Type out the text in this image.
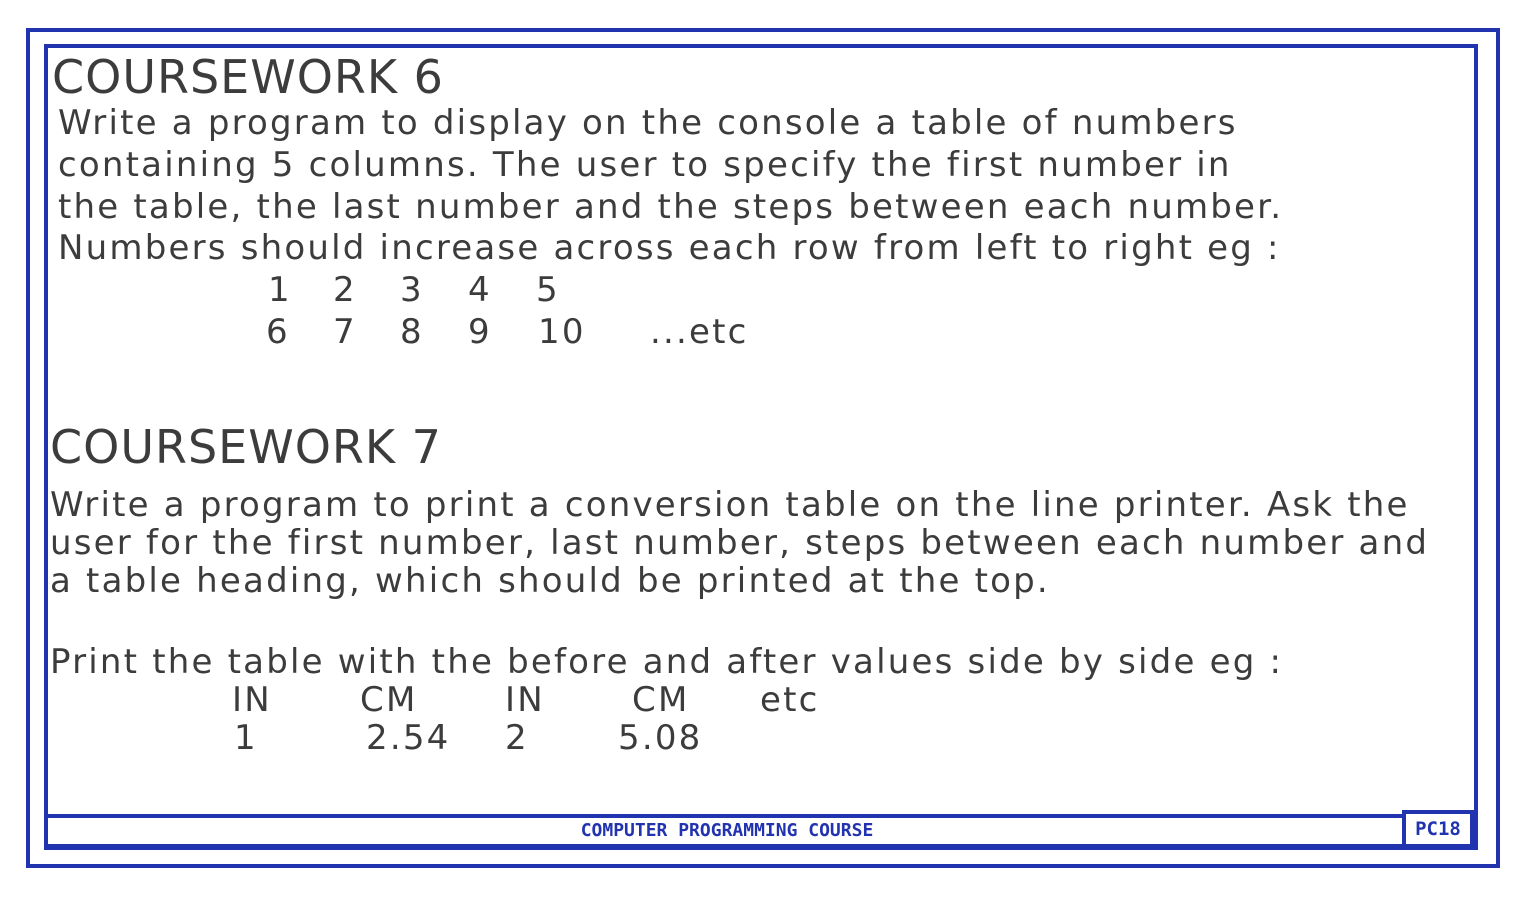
COURSEWORK 6
Write a program to display on the console a table of numbers
containing 5 columns. The user to specify the first number in
the table, the last number and the steps between each number.
Numbers should increase across each row from left to right eg :
1 2 3 4 5
6 7 8 9 10 ...etc
COURSEWORK 7
Write a program to print a conversion table on the line printer. Ask the
user for the first number, last number, steps between each number and
a table heading, which should be printed at the top.
Print the table with the before and after values side by side eg :
IN	CM	IN	CM etc
1	2.54 2	5.08
COMPUTER PROGRAMMING COURSE	PC18
